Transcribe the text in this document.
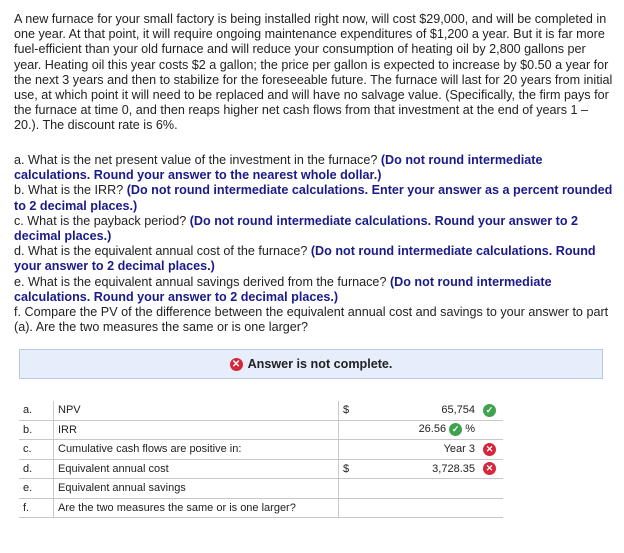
A new furnace for your small factory is being installed right now, will cost $29,000, and will be completed in one year. At that point, it will require ongoing maintenance expenditures of $1,200 a year. But it is far more fuel-efficient than your old furnace and will reduce your consumption of heating oil by 2,800 gallons per year. Heating oil this year costs $2 a gallon; the price per gallon is expected to increase by $0.50 a year for the next 3 years and then to stabilize for the foreseeable future. The furnace will last for 20 years from initial use, at which point it will need to be replaced and will have no salvage value. (Specifically, the firm pays for the furnace at time 0, and then reaps higher net cash flows from that investment at the end of years 1 – 20.). The discount rate is 6%.

a. What is the net present value of the investment in the furnace? (Do not round intermediate calculations. Round your answer to the nearest whole dollar.)

b. What is the IRR? (Do not round intermediate calculations. Enter your answer as a percent rounded to 2 decimal places.)

c. What is the payback period? (Do not round intermediate calculations. Round your answer to 2 decimal places.)

d. What is the equivalent annual cost of the furnace? (Do not round intermediate calculations. Round your answer to 2 decimal places.)

e. What is the equivalent annual savings derived from the furnace? (Do not round intermediate calculations. Round your answer to 2 decimal places.)

f. Compare the PV of the difference between the equivalent annual cost and savings to your answer to part (a). Are the two measures the same or is one larger?

✕ Answer is not complete.
a.	NPV	$	65,754	✓
b.	IRR		26.56 ✓ %	
c.	Cumulative cash flows are positive in:		Year 3	✕
d.	Equivalent annual cost	$	3,728.35	✕
e.	Equivalent annual savings			
f.	Are the two measures the same or is one larger?			
